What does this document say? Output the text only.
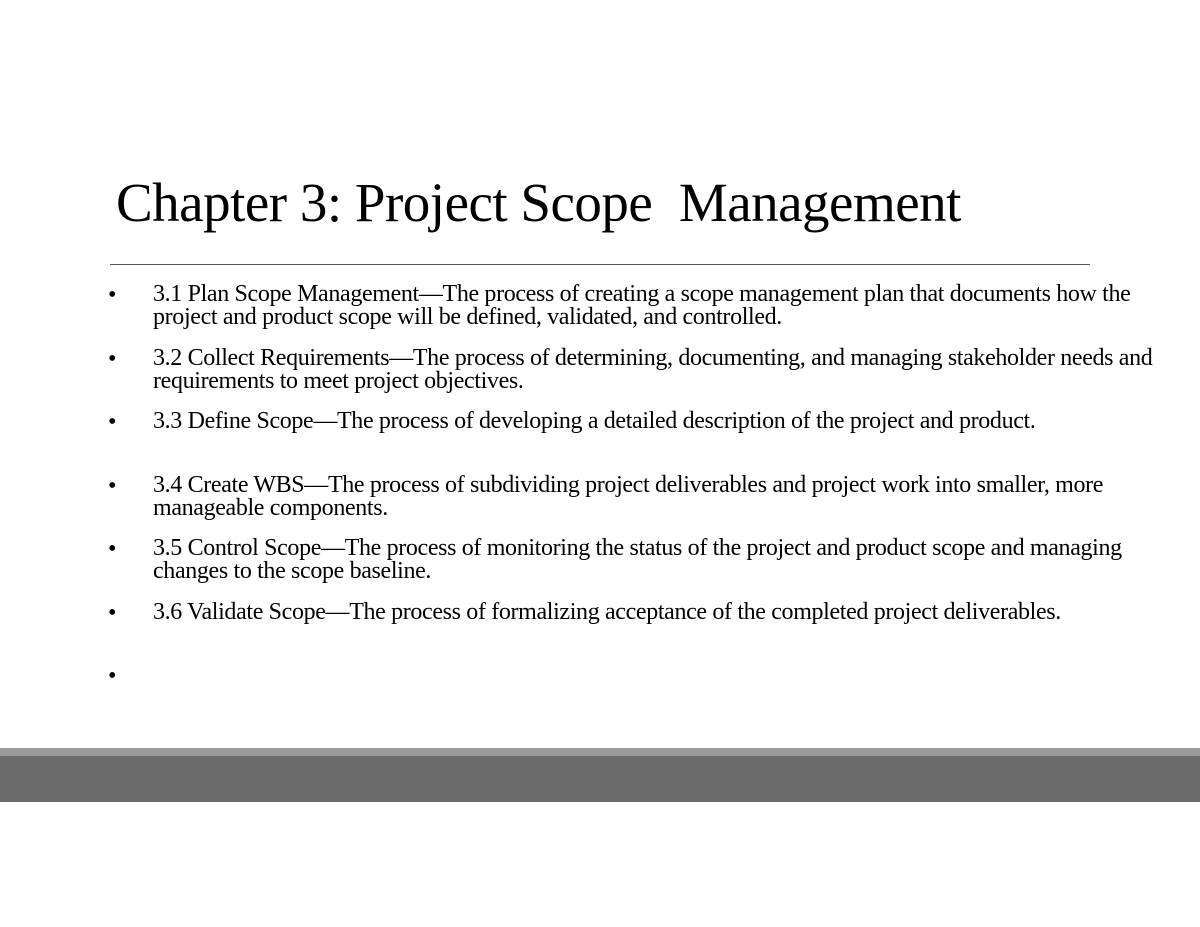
Chapter 3: Project Scope  Management
• 3.1 Plan Scope Management—The process of creating a scope management plan that documents how the project and product scope will be defined, validated, and controlled.
• 3.2 Collect Requirements—The process of determining, documenting, and managing stakeholder needs and requirements to meet project objectives.
• 3.3 Define Scope—The process of developing a detailed description of the project and product.
• 3.4 Create WBS—The process of subdividing project deliverables and project work into smaller, more manageable components.
• 3.5 Control Scope—The process of monitoring the status of the project and product scope and managing changes to the scope baseline.
• 3.6 Validate Scope—The process of formalizing acceptance of the completed project deliverables.
•
